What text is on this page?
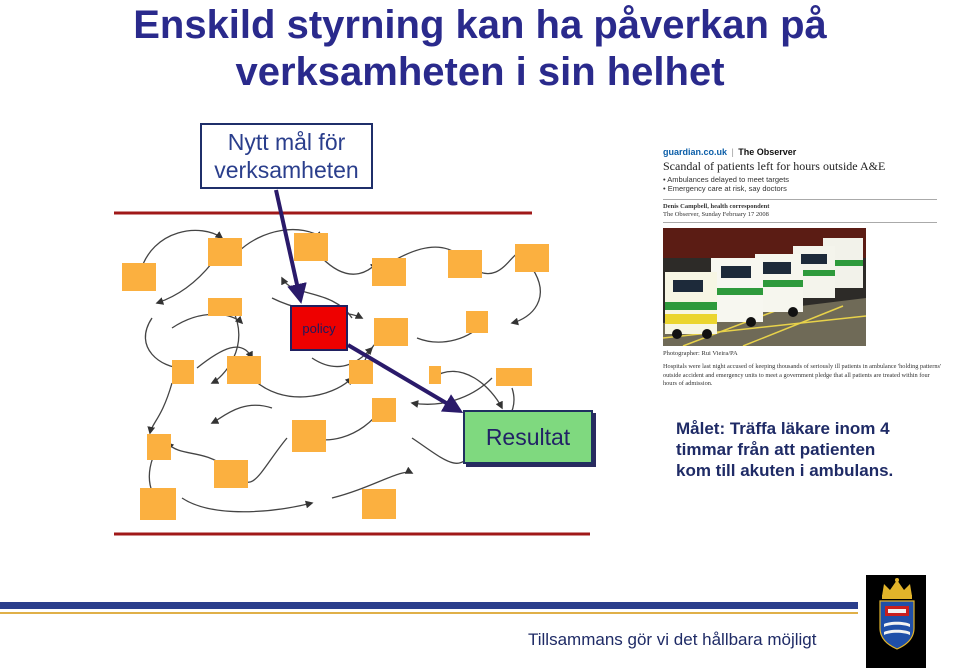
Enskild styrning kan ha påverkan på
verksamheten i sin helhet
Nytt mål för
verksamheten
policy
Resultat
guardian.co.uk | The Observer
Scandal of patients left for hours outside A&E
• Ambulances delayed to meet targets
• Emergency care at risk, say doctors
Denis Campbell, health correspondent
The Observer, Sunday February 17 2008
Photographer: Rui Vieira/PA
Hospitals were last night accused of keeping thousands of seriously ill patients in ambulance 'holding patterns' outside accident and emergency units to meet a government pledge that all patients are treated within four hours of admission.
Målet: Träffa läkare inom 4
timmar från att patienten
kom till akuten i ambulans.
Tillsammans gör vi det hållbara möjligt
